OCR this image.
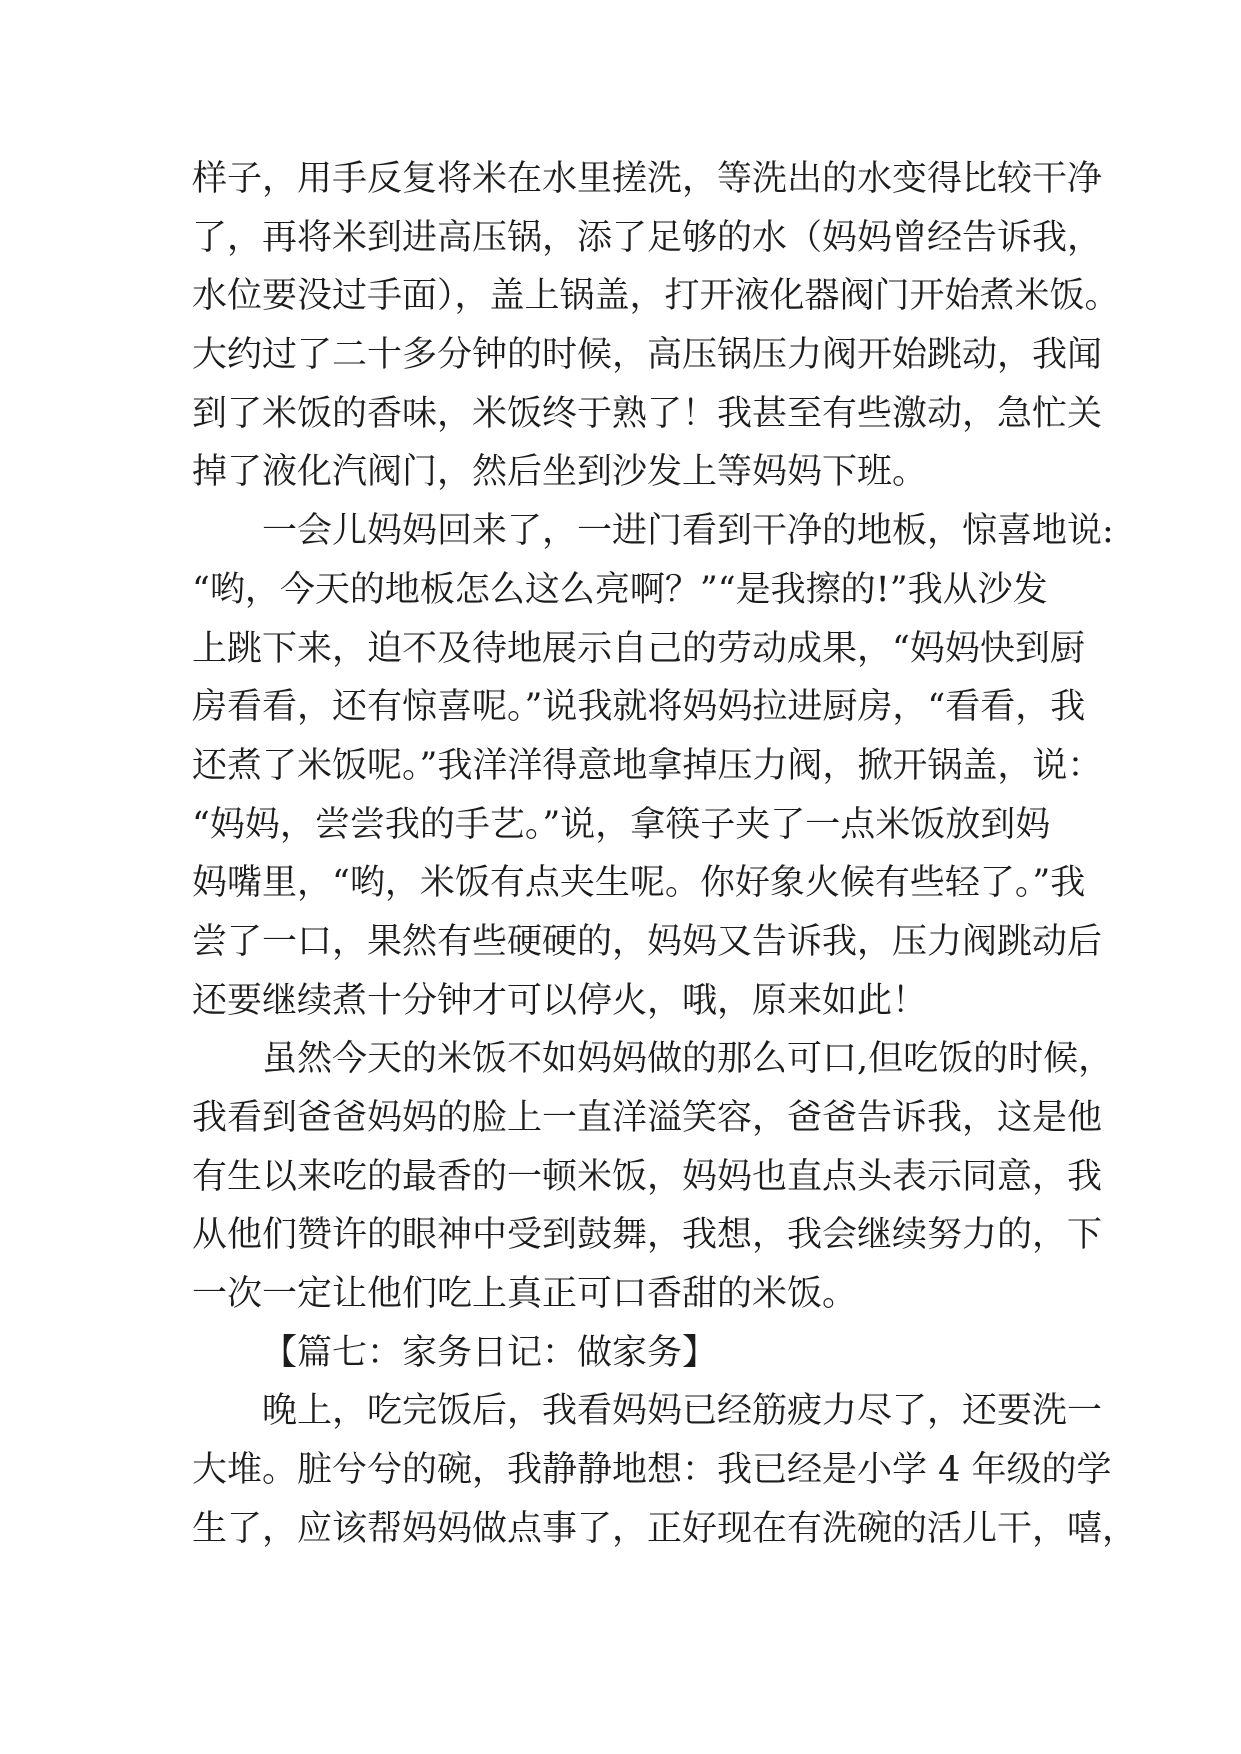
样子，用手反复将米在水里搓洗，等洗出的水变得比较干净
了，再将米到进高压锅，添了足够的水（妈妈曾经告诉我，
水位要没过手面），盖上锅盖，打开液化器阀门开始煮米饭。
大约过了二十多分钟的时候，高压锅压力阀开始跳动，我闻
到了米饭的香味，米饭终于熟了！我甚至有些激动，急忙关
掉了液化汽阀门，然后坐到沙发上等妈妈下班。
一会儿妈妈回来了，一进门看到干净的地板，惊喜地说:
“哟，今天的地板怎么这么亮啊？”“是我擦的!”我从沙发
上跳下来，迫不及待地展示自己的劳动成果，“妈妈快到厨
房看看，还有惊喜呢。”说我就将妈妈拉进厨房，“看看，我
还煮了米饭呢。”我洋洋得意地拿掉压力阀，掀开锅盖，说：
“妈妈，尝尝我的手艺。”说，拿筷子夹了一点米饭放到妈
妈嘴里，“哟，米饭有点夹生呢。你好象火候有些轻了。”我
尝了一口，果然有些硬硬的，妈妈又告诉我，压力阀跳动后
还要继续煮十分钟才可以停火，哦，原来如此！
虽然今天的米饭不如妈妈做的那么可口,但吃饭的时候，
我看到爸爸妈妈的脸上一直洋溢笑容，爸爸告诉我，这是他
有生以来吃的最香的一顿米饭，妈妈也直点头表示同意，我
从他们赞许的眼神中受到鼓舞，我想，我会继续努力的，下
一次一定让他们吃上真正可口香甜的米饭。
【篇七：家务日记：做家务】
晚上，吃完饭后，我看妈妈已经筋疲力尽了，还要洗一
大堆。脏兮兮的碗，我静静地想：我已经是小学 4 年级的学
生了，应该帮妈妈做点事了，正好现在有洗碗的活儿干，嘻，
